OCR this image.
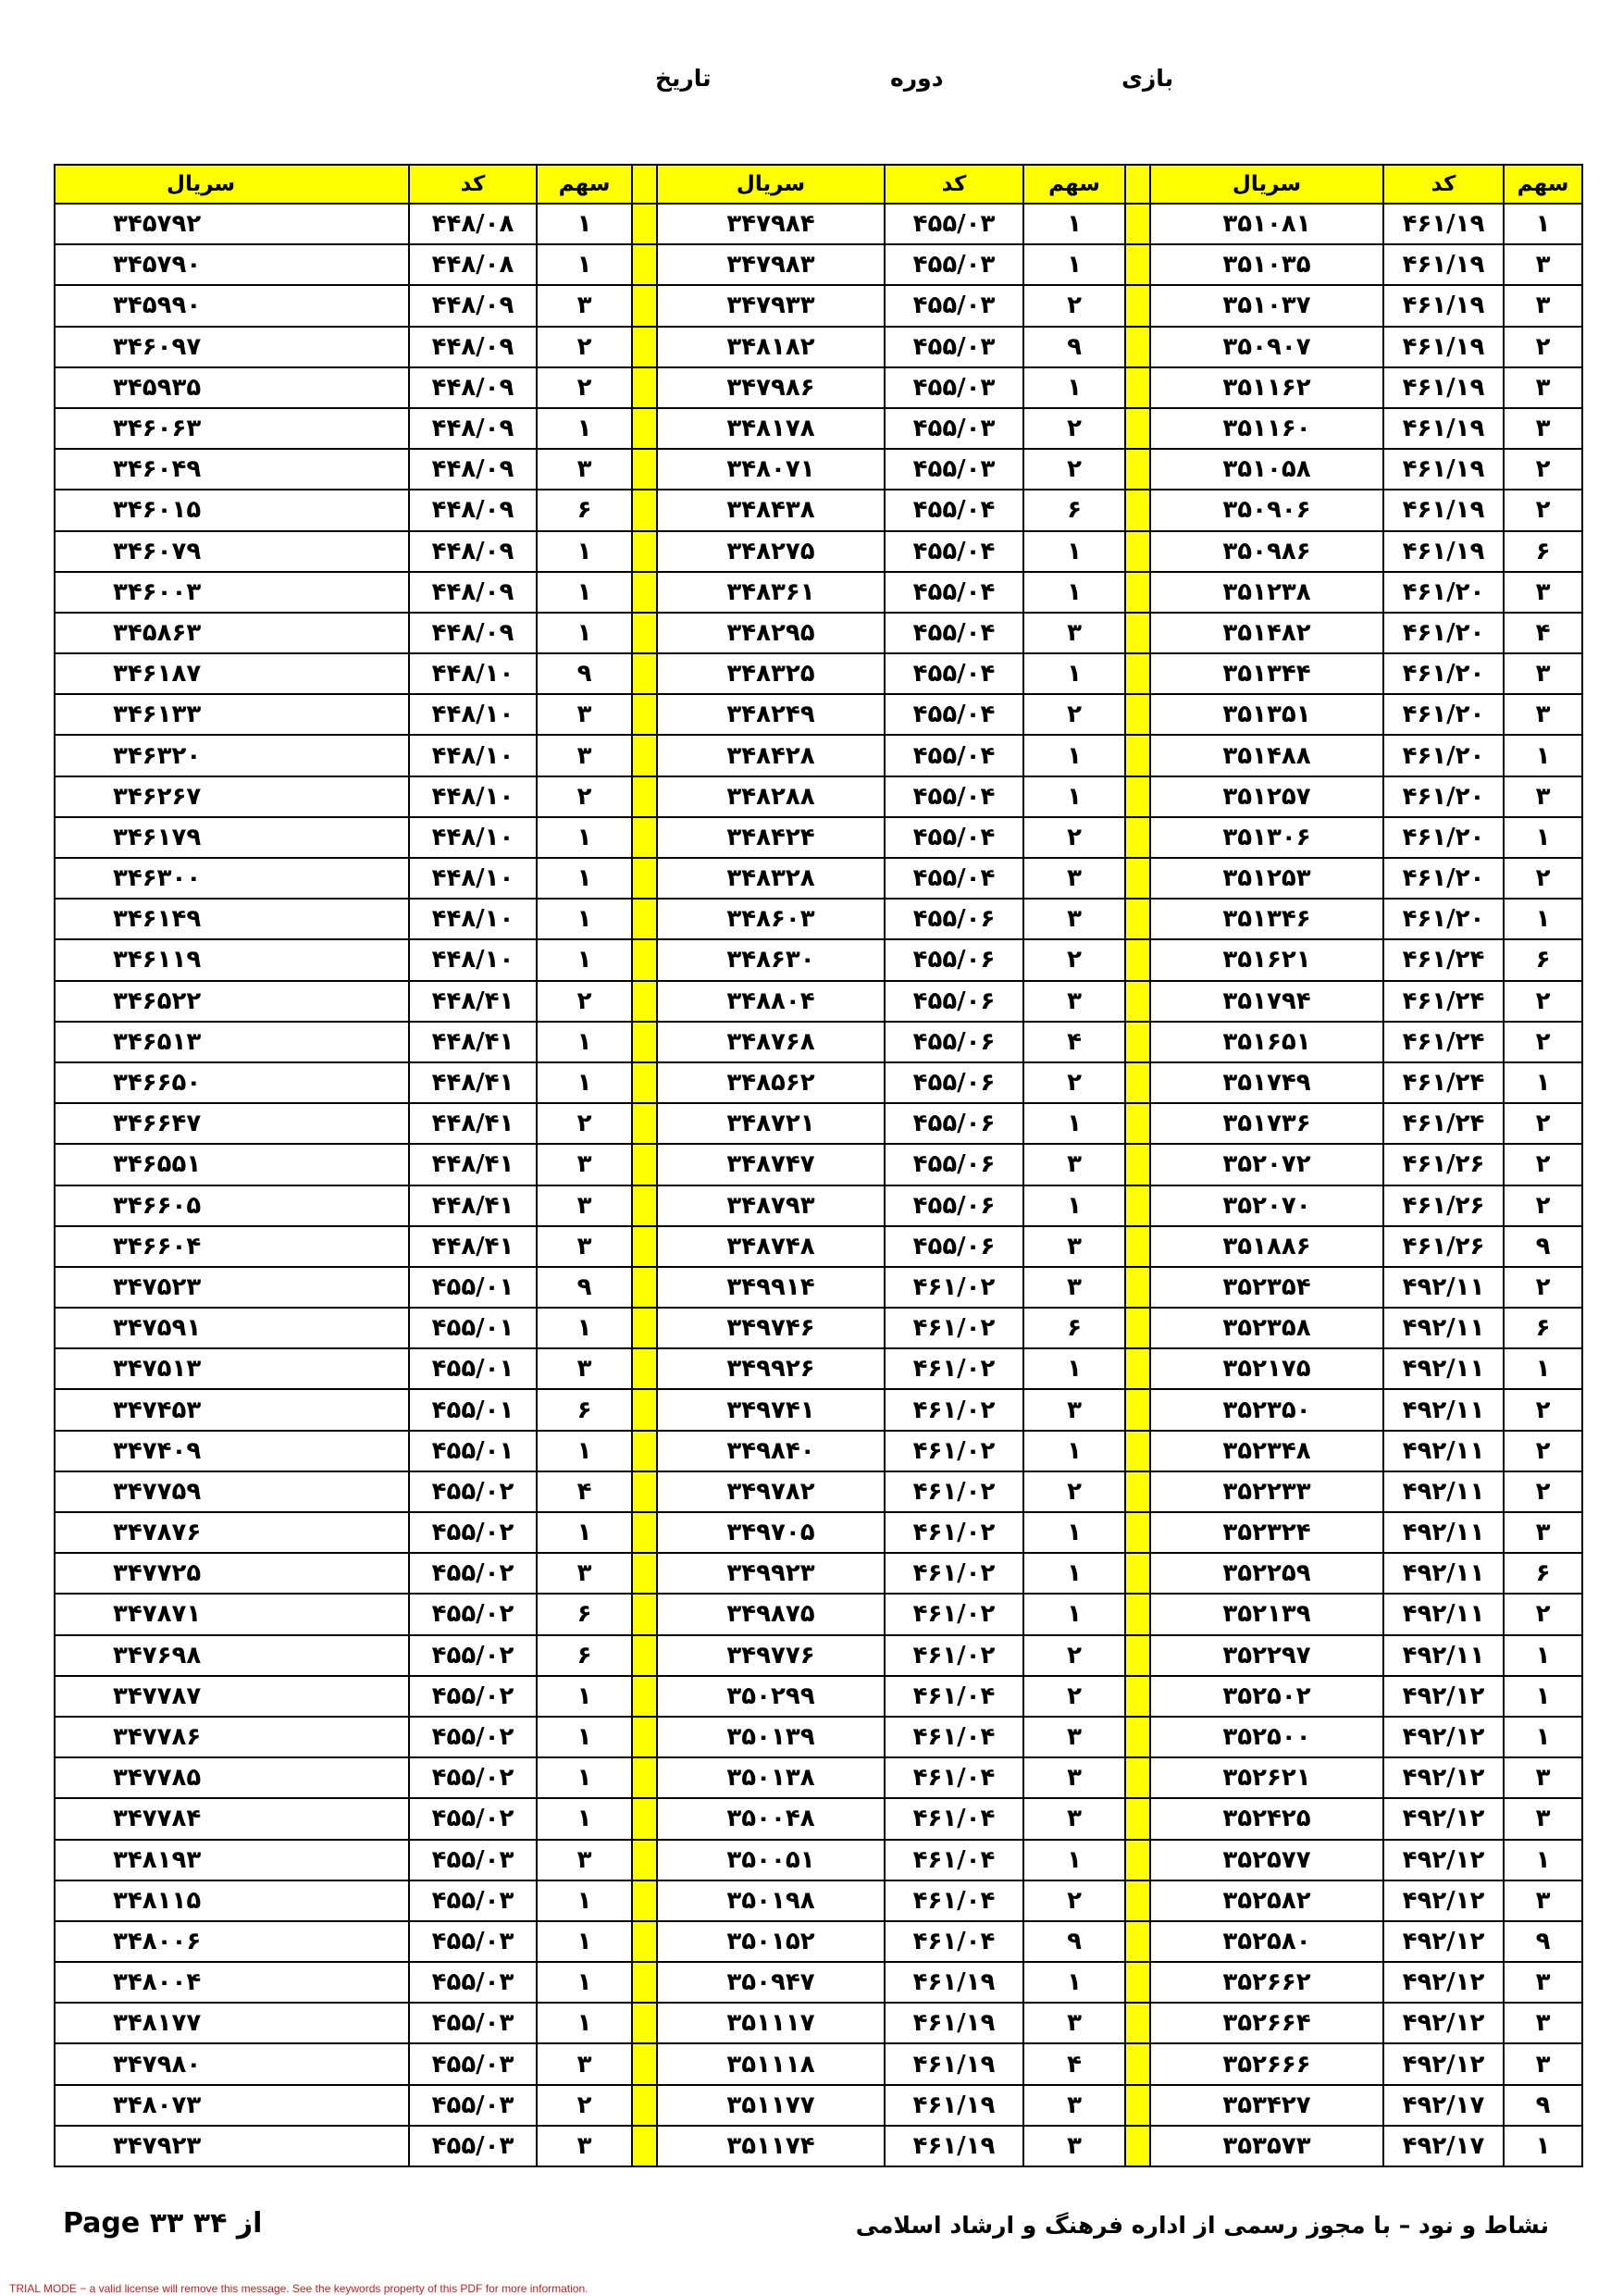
بازی
دوره
تاریخ
سهم	کد	سریال		سهم	کد	سریال		سهم	کد	سریال
۱	۴۶۱/۱۹	۳۵۱۰۸۱		۱	۴۵۵/۰۳	۳۴۷۹۸۴		۱	۴۴۸/۰۸	۳۴۵۷۹۲
۳	۴۶۱/۱۹	۳۵۱۰۳۵		۱	۴۵۵/۰۳	۳۴۷۹۸۳		۱	۴۴۸/۰۸	۳۴۵۷۹۰
۳	۴۶۱/۱۹	۳۵۱۰۳۷		۲	۴۵۵/۰۳	۳۴۷۹۳۳		۳	۴۴۸/۰۹	۳۴۵۹۹۰
۲	۴۶۱/۱۹	۳۵۰۹۰۷		۹	۴۵۵/۰۳	۳۴۸۱۸۲		۲	۴۴۸/۰۹	۳۴۶۰۹۷
۳	۴۶۱/۱۹	۳۵۱۱۶۲		۱	۴۵۵/۰۳	۳۴۷۹۸۶		۲	۴۴۸/۰۹	۳۴۵۹۳۵
۳	۴۶۱/۱۹	۳۵۱۱۶۰		۲	۴۵۵/۰۳	۳۴۸۱۷۸		۱	۴۴۸/۰۹	۳۴۶۰۶۳
۲	۴۶۱/۱۹	۳۵۱۰۵۸		۲	۴۵۵/۰۳	۳۴۸۰۷۱		۳	۴۴۸/۰۹	۳۴۶۰۴۹
۲	۴۶۱/۱۹	۳۵۰۹۰۶		۶	۴۵۵/۰۴	۳۴۸۴۳۸		۶	۴۴۸/۰۹	۳۴۶۰۱۵
۶	۴۶۱/۱۹	۳۵۰۹۸۶		۱	۴۵۵/۰۴	۳۴۸۲۷۵		۱	۴۴۸/۰۹	۳۴۶۰۷۹
۳	۴۶۱/۲۰	۳۵۱۲۳۸		۱	۴۵۵/۰۴	۳۴۸۳۶۱		۱	۴۴۸/۰۹	۳۴۶۰۰۳
۴	۴۶۱/۲۰	۳۵۱۴۸۲		۳	۴۵۵/۰۴	۳۴۸۲۹۵		۱	۴۴۸/۰۹	۳۴۵۸۶۳
۳	۴۶۱/۲۰	۳۵۱۳۴۴		۱	۴۵۵/۰۴	۳۴۸۳۲۵		۹	۴۴۸/۱۰	۳۴۶۱۸۷
۳	۴۶۱/۲۰	۳۵۱۳۵۱		۲	۴۵۵/۰۴	۳۴۸۲۴۹		۳	۴۴۸/۱۰	۳۴۶۱۳۳
۱	۴۶۱/۲۰	۳۵۱۴۸۸		۱	۴۵۵/۰۴	۳۴۸۴۲۸		۳	۴۴۸/۱۰	۳۴۶۳۲۰
۳	۴۶۱/۲۰	۳۵۱۲۵۷		۱	۴۵۵/۰۴	۳۴۸۲۸۸		۲	۴۴۸/۱۰	۳۴۶۲۶۷
۱	۴۶۱/۲۰	۳۵۱۳۰۶		۲	۴۵۵/۰۴	۳۴۸۴۲۴		۱	۴۴۸/۱۰	۳۴۶۱۷۹
۲	۴۶۱/۲۰	۳۵۱۲۵۳		۳	۴۵۵/۰۴	۳۴۸۳۲۸		۱	۴۴۸/۱۰	۳۴۶۳۰۰
۱	۴۶۱/۲۰	۳۵۱۳۴۶		۳	۴۵۵/۰۶	۳۴۸۶۰۳		۱	۴۴۸/۱۰	۳۴۶۱۴۹
۶	۴۶۱/۲۴	۳۵۱۶۲۱		۲	۴۵۵/۰۶	۳۴۸۶۳۰		۱	۴۴۸/۱۰	۳۴۶۱۱۹
۲	۴۶۱/۲۴	۳۵۱۷۹۴		۳	۴۵۵/۰۶	۳۴۸۸۰۴		۲	۴۴۸/۴۱	۳۴۶۵۲۲
۲	۴۶۱/۲۴	۳۵۱۶۵۱		۴	۴۵۵/۰۶	۳۴۸۷۶۸		۱	۴۴۸/۴۱	۳۴۶۵۱۳
۱	۴۶۱/۲۴	۳۵۱۷۴۹		۲	۴۵۵/۰۶	۳۴۸۵۶۲		۱	۴۴۸/۴۱	۳۴۶۶۵۰
۲	۴۶۱/۲۴	۳۵۱۷۳۶		۱	۴۵۵/۰۶	۳۴۸۷۲۱		۲	۴۴۸/۴۱	۳۴۶۶۴۷
۲	۴۶۱/۲۶	۳۵۲۰۷۲		۳	۴۵۵/۰۶	۳۴۸۷۴۷		۳	۴۴۸/۴۱	۳۴۶۵۵۱
۲	۴۶۱/۲۶	۳۵۲۰۷۰		۱	۴۵۵/۰۶	۳۴۸۷۹۳		۳	۴۴۸/۴۱	۳۴۶۶۰۵
۹	۴۶۱/۲۶	۳۵۱۸۸۶		۳	۴۵۵/۰۶	۳۴۸۷۴۸		۳	۴۴۸/۴۱	۳۴۶۶۰۴
۲	۴۹۲/۱۱	۳۵۲۳۵۴		۳	۴۶۱/۰۲	۳۴۹۹۱۴		۹	۴۵۵/۰۱	۳۴۷۵۲۳
۶	۴۹۲/۱۱	۳۵۲۳۵۸		۶	۴۶۱/۰۲	۳۴۹۷۴۶		۱	۴۵۵/۰۱	۳۴۷۵۹۱
۱	۴۹۲/۱۱	۳۵۲۱۷۵		۱	۴۶۱/۰۲	۳۴۹۹۲۶		۳	۴۵۵/۰۱	۳۴۷۵۱۳
۲	۴۹۲/۱۱	۳۵۲۳۵۰		۳	۴۶۱/۰۲	۳۴۹۷۴۱		۶	۴۵۵/۰۱	۳۴۷۴۵۳
۲	۴۹۲/۱۱	۳۵۲۳۴۸		۱	۴۶۱/۰۲	۳۴۹۸۴۰		۱	۴۵۵/۰۱	۳۴۷۴۰۹
۲	۴۹۲/۱۱	۳۵۲۲۳۳		۲	۴۶۱/۰۲	۳۴۹۷۸۲		۴	۴۵۵/۰۲	۳۴۷۷۵۹
۳	۴۹۲/۱۱	۳۵۲۳۲۴		۱	۴۶۱/۰۲	۳۴۹۷۰۵		۱	۴۵۵/۰۲	۳۴۷۸۷۶
۶	۴۹۲/۱۱	۳۵۲۲۵۹		۱	۴۶۱/۰۲	۳۴۹۹۲۳		۳	۴۵۵/۰۲	۳۴۷۷۲۵
۲	۴۹۲/۱۱	۳۵۲۱۳۹		۱	۴۶۱/۰۲	۳۴۹۸۷۵		۶	۴۵۵/۰۲	۳۴۷۸۷۱
۱	۴۹۲/۱۱	۳۵۲۲۹۷		۲	۴۶۱/۰۲	۳۴۹۷۷۶		۶	۴۵۵/۰۲	۳۴۷۶۹۸
۱	۴۹۲/۱۲	۳۵۲۵۰۲		۲	۴۶۱/۰۴	۳۵۰۲۹۹		۱	۴۵۵/۰۲	۳۴۷۷۸۷
۱	۴۹۲/۱۲	۳۵۲۵۰۰		۳	۴۶۱/۰۴	۳۵۰۱۳۹		۱	۴۵۵/۰۲	۳۴۷۷۸۶
۳	۴۹۲/۱۲	۳۵۲۶۲۱		۳	۴۶۱/۰۴	۳۵۰۱۳۸		۱	۴۵۵/۰۲	۳۴۷۷۸۵
۳	۴۹۲/۱۲	۳۵۲۴۲۵		۳	۴۶۱/۰۴	۳۵۰۰۴۸		۱	۴۵۵/۰۲	۳۴۷۷۸۴
۱	۴۹۲/۱۲	۳۵۲۵۷۷		۱	۴۶۱/۰۴	۳۵۰۰۵۱		۳	۴۵۵/۰۳	۳۴۸۱۹۳
۳	۴۹۲/۱۲	۳۵۲۵۸۲		۲	۴۶۱/۰۴	۳۵۰۱۹۸		۱	۴۵۵/۰۳	۳۴۸۱۱۵
۹	۴۹۲/۱۲	۳۵۲۵۸۰		۹	۴۶۱/۰۴	۳۵۰۱۵۲		۱	۴۵۵/۰۳	۳۴۸۰۰۶
۳	۴۹۲/۱۲	۳۵۲۶۶۲		۱	۴۶۱/۱۹	۳۵۰۹۴۷		۱	۴۵۵/۰۳	۳۴۸۰۰۴
۳	۴۹۲/۱۲	۳۵۲۶۶۴		۳	۴۶۱/۱۹	۳۵۱۱۱۷		۱	۴۵۵/۰۳	۳۴۸۱۷۷
۳	۴۹۲/۱۲	۳۵۲۶۶۶		۴	۴۶۱/۱۹	۳۵۱۱۱۸		۳	۴۵۵/۰۳	۳۴۷۹۸۰
۹	۴۹۲/۱۷	۳۵۳۴۲۷		۳	۴۶۱/۱۹	۳۵۱۱۷۷		۲	۴۵۵/۰۳	۳۴۸۰۷۳
۱	۴۹۲/۱۷	۳۵۳۵۷۳		۳	۴۶۱/۱۹	۳۵۱۱۷۴		۳	۴۵۵/۰۳	۳۴۷۹۲۳
نشاط و نود – با مجوز رسمی از اداره فرهنگ و ارشاد اسلامی
Page ۳۳ ۳۴ از
TRIAL MODE − a valid license will remove this message. See the keywords property of this PDF for more information.
